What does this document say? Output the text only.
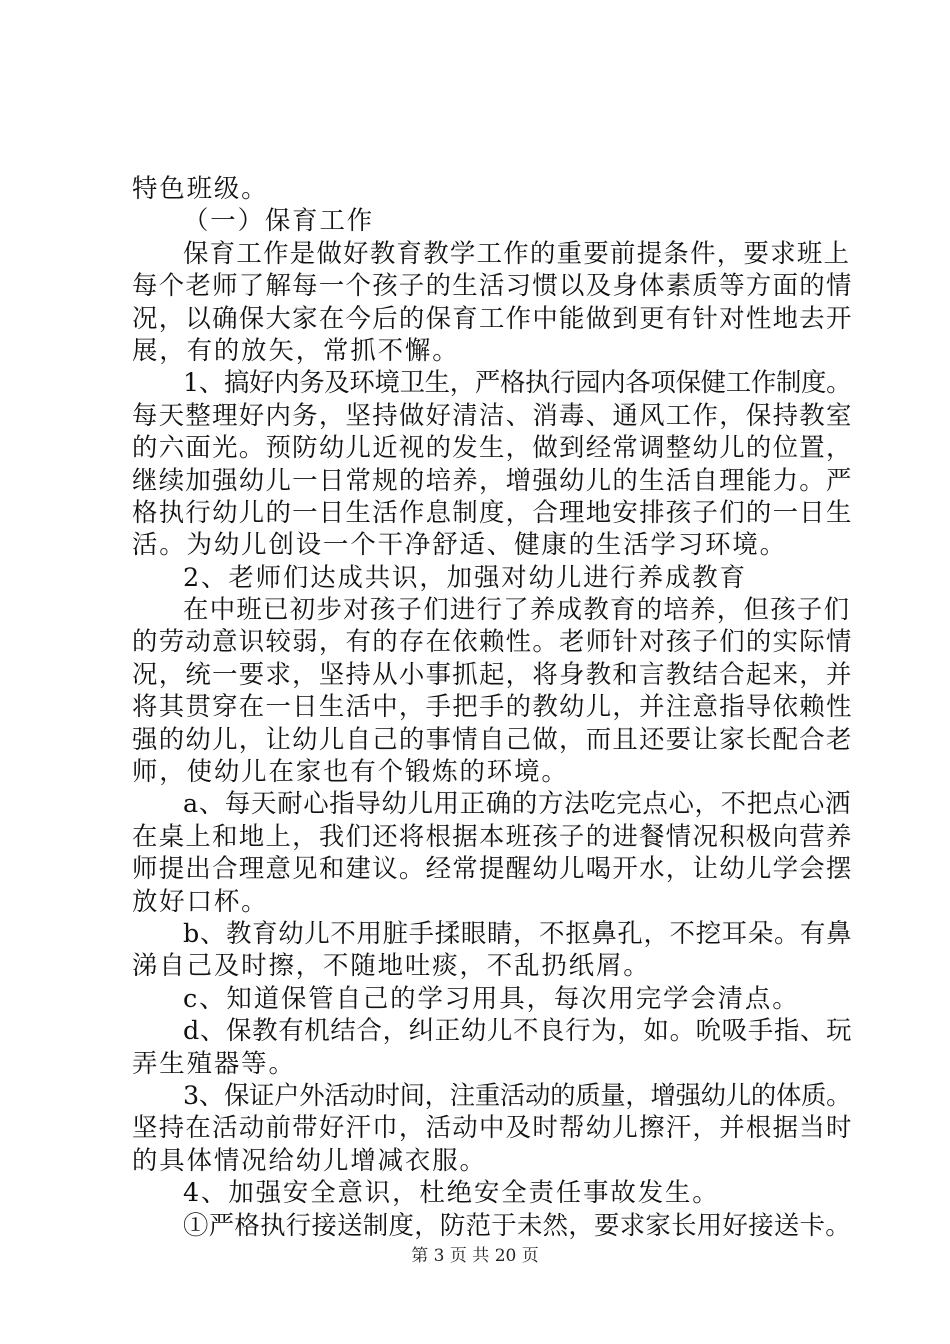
特色班级。
（一）保育工作
保育工作是做好教育教学工作的重要前提条件，要求班上
每个老师了解每一个孩子的生活习惯以及身体素质等方面的情
况，以确保大家在今后的保育工作中能做到更有针对性地去开
展，有的放矢，常抓不懈。
1、搞好内务及环境卫生，严格执行园内各项保健工作制度。
每天整理好内务，坚持做好清洁、消毒、通风工作，保持教室
的六面光。预防幼儿近视的发生，做到经常调整幼儿的位置，
继续加强幼儿一日常规的培养，增强幼儿的生活自理能力。严
格执行幼儿的一日生活作息制度，合理地安排孩子们的一日生
活。为幼儿创设一个干净舒适、健康的生活学习环境。
2、老师们达成共识，加强对幼儿进行养成教育
在中班已初步对孩子们进行了养成教育的培养，但孩子们
的劳动意识较弱，有的存在依赖性。老师针对孩子们的实际情
况，统一要求，坚持从小事抓起，将身教和言教结合起来，并
将其贯穿在一日生活中，手把手的教幼儿，并注意指导依赖性
强的幼儿，让幼儿自己的事情自己做，而且还要让家长配合老
师，使幼儿在家也有个锻炼的环境。
a、每天耐心指导幼儿用正确的方法吃完点心，不把点心洒
在桌上和地上，我们还将根据本班孩子的进餐情况积极向营养
师提出合理意见和建议。经常提醒幼儿喝开水，让幼儿学会摆
放好口杯。
b、教育幼儿不用脏手揉眼睛，不抠鼻孔，不挖耳朵。有鼻
涕自己及时擦，不随地吐痰，不乱扔纸屑。
c、知道保管自己的学习用具，每次用完学会清点。
d、保教有机结合，纠正幼儿不良行为，如。吮吸手指、玩
弄生殖器等。
3、保证户外活动时间，注重活动的质量，增强幼儿的体质。
坚持在活动前带好汗巾，活动中及时帮幼儿擦汗，并根据当时
的具体情况给幼儿增减衣服。
4、加强安全意识，杜绝安全责任事故发生。
①严格执行接送制度，防范于未然，要求家长用好接送卡。
第 3 页 共 20 页
